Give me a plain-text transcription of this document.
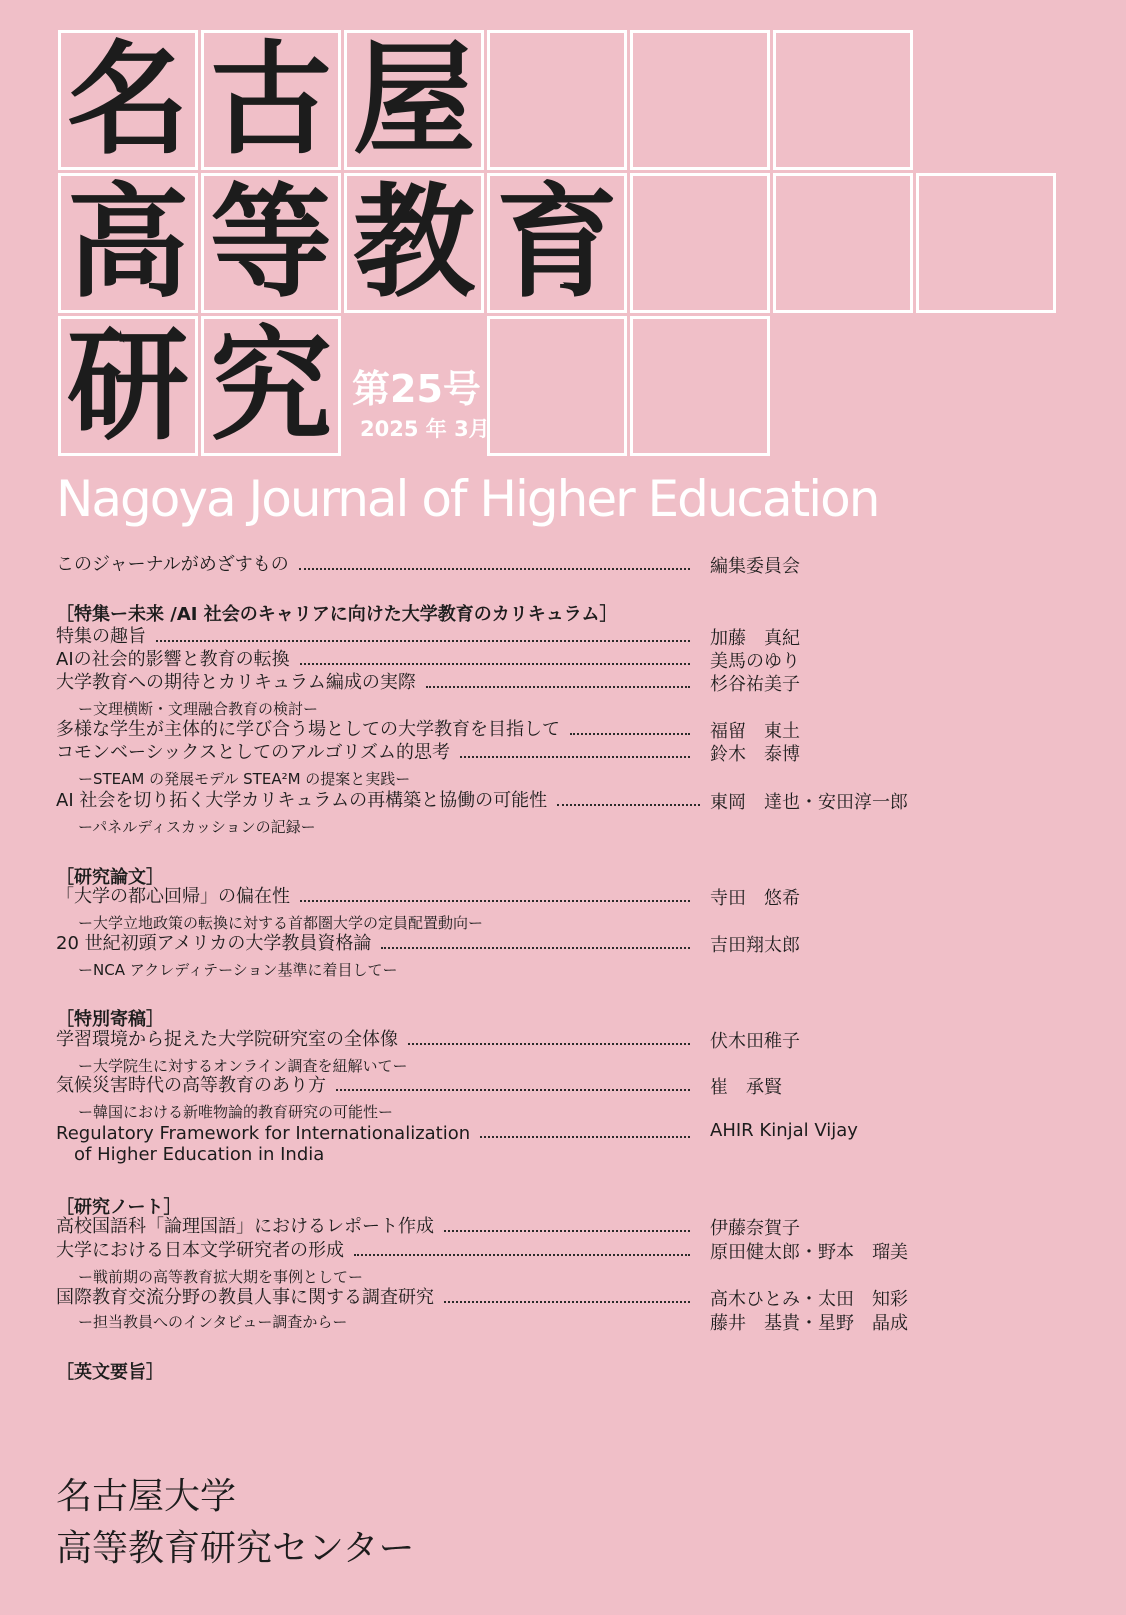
名 古 屋
高 等 教 育
研 究 第25号
2025 年 3月
Nagoya Journal of Higher Education
このジャーナルがめざすもの	編集委員会
［特集ー未来 /AI 社会のキャリアに向けた大学教育のカリキュラム］
特集の趣旨	加藤　真紀
AIの社会的影響と教育の転換	美馬のゆり
大学教育への期待とカリキュラム編成の実際	杉谷祐美子
ー文理横断・文理融合教育の検討ー
多様な学生が主体的に学び合う場としての大学教育を目指して	福留　東土
コモンベーシックスとしてのアルゴリズム的思考	鈴木　泰博
ーSTEAM の発展モデル STEA²M の提案と実践ー
AI 社会を切り拓く大学カリキュラムの再構築と協働の可能性	東岡　達也・安田淳一郎
ーパネルディスカッションの記録ー
［研究論文］
「大学の都心回帰」の偏在性	寺田　悠希
ー大学立地政策の転換に対する首都圏大学の定員配置動向ー
20 世紀初頭アメリカの大学教員資格論	吉田翔太郎
ーNCA アクレディテーション基準に着目してー
［特別寄稿］
学習環境から捉えた大学院研究室の全体像	伏木田稚子
ー大学院生に対するオンライン調査を紐解いてー
気候災害時代の高等教育のあり方	崔　承賢
ー韓国における新唯物論的教育研究の可能性ー
Regulatory Framework for Internationalization	AHIR Kinjal Vijay
of Higher Education in India
［研究ノート］
高校国語科「論理国語」におけるレポート作成	伊藤奈賀子
大学における日本文学研究者の形成	原田健太郎・野本　瑠美
ー戦前期の高等教育拡大期を事例としてー
国際教育交流分野の教員人事に関する調査研究	高木ひとみ・太田　知彩
藤井　基貴・星野　晶成
ー担当教員へのインタビュー調査からー
［英文要旨］
名古屋大学
高等教育研究センター
